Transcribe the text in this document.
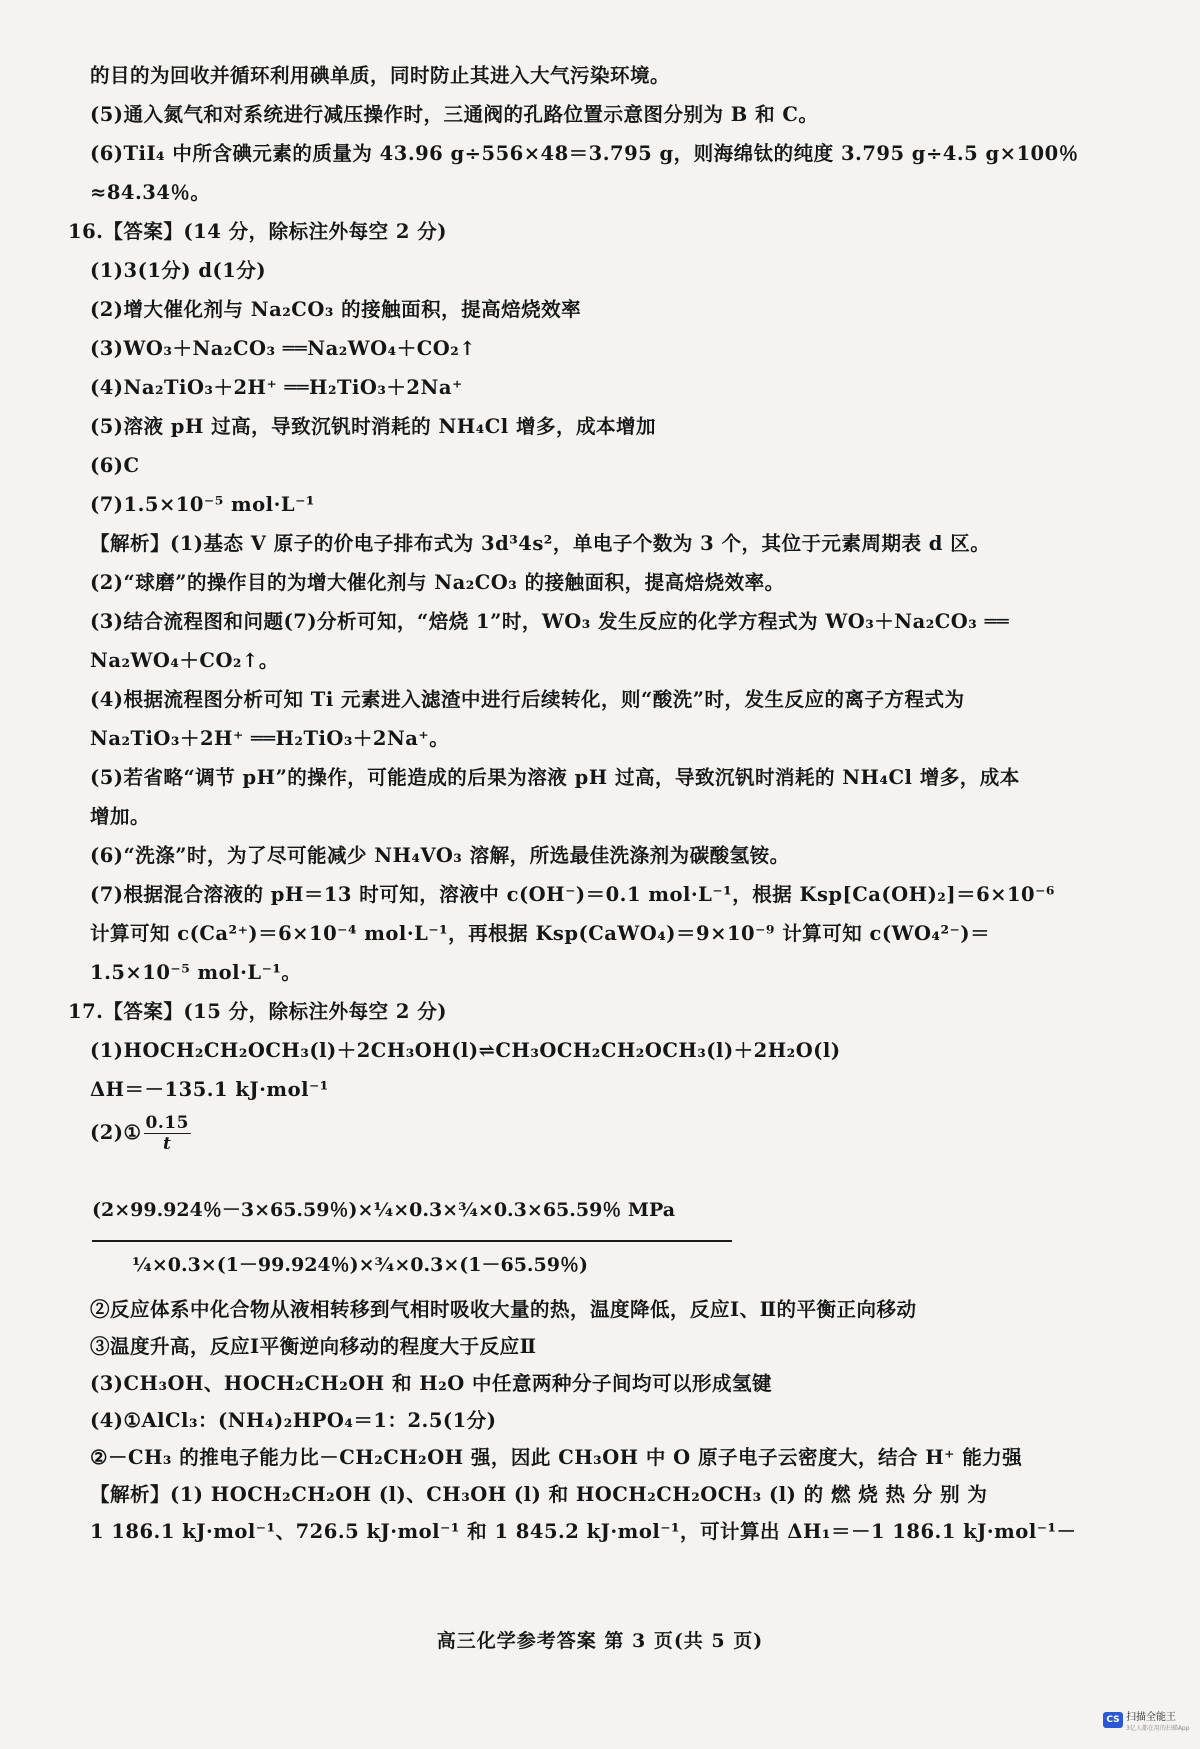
的目的为回收并循环利用碘单质，同时防止其进入大气污染环境。
(5)通入氮气和对系统进行减压操作时，三通阀的孔路位置示意图分别为 B 和 C。
(6)TiI₄ 中所含碘元素的质量为 43.96 g÷556×48＝3.795 g，则海绵钛的纯度 3.795 g÷4.5 g×100％
≈84.34％。
16.【答案】(14 分，除标注外每空 2 分)
(1)3(1分) d(1分)
(2)增大催化剂与 Na₂CO₃ 的接触面积，提高焙烧效率
(3)WO₃＋Na₂CO₃ ══Na₂WO₄＋CO₂↑
(4)Na₂TiO₃＋2H⁺ ══H₂TiO₃＋2Na⁺
(5)溶液 pH 过高，导致沉钒时消耗的 NH₄Cl 增多，成本增加
(6)C
(7)1.5×10⁻⁵ mol·L⁻¹
【解析】(1)基态 V 原子的价电子排布式为 3d³4s²，单电子个数为 3 个，其位于元素周期表 d 区。
(2)“球磨”的操作目的为增大催化剂与 Na₂CO₃ 的接触面积，提高焙烧效率。
(3)结合流程图和问题(7)分析可知，“焙烧 1”时，WO₃ 发生反应的化学方程式为 WO₃＋Na₂CO₃ ══
Na₂WO₄＋CO₂↑。
(4)根据流程图分析可知 Ti 元素进入滤渣中进行后续转化，则“酸洗”时，发生反应的离子方程式为
Na₂TiO₃＋2H⁺ ══H₂TiO₃＋2Na⁺。
(5)若省略“调节 pH”的操作，可能造成的后果为溶液 pH 过高，导致沉钒时消耗的 NH₄Cl 增多，成本
增加。
(6)“洗涤”时，为了尽可能减少 NH₄VO₃ 溶解，所选最佳洗涤剂为碳酸氢铵。
(7)根据混合溶液的 pH＝13 时可知，溶液中 c(OH⁻)＝0.1 mol·L⁻¹，根据 Ksp[Ca(OH)₂]＝6×10⁻⁶
计算可知 c(Ca²⁺)＝6×10⁻⁴ mol·L⁻¹，再根据 Ksp(CaWO₄)＝9×10⁻⁹ 计算可知 c(WO₄²⁻)＝
1.5×10⁻⁵ mol·L⁻¹。
17.【答案】(15 分，除标注外每空 2 分)
(1)HOCH₂CH₂OCH₃(l)＋2CH₃OH(l)⇌CH₃OCH₂CH₂OCH₃(l)＋2H₂O(l)
ΔH＝－135.1 kJ·mol⁻¹
(2)① $\frac{0.15}{t}$
(2×99.924％－3×65.59％)×¼×0.3×¾×0.3×65.59％ MPa
¼×0.3×(1－99.924％)×¾×0.3×(1－65.59％)
②反应体系中化合物从液相转移到气相时吸收大量的热，温度降低，反应Ⅰ、Ⅱ的平衡正向移动
③温度升高，反应Ⅰ平衡逆向移动的程度大于反应Ⅱ
(3)CH₃OH、HOCH₂CH₂OH 和 H₂O 中任意两种分子间均可以形成氢键
(4)①AlCl₃：(NH₄)₂HPO₄＝1：2.5(1分)
②－CH₃ 的推电子能力比－CH₂CH₂OH 强，因此 CH₃OH 中 O 原子电子云密度大，结合 H⁺ 能力强
【解析】(1) HOCH₂CH₂OH (l)、CH₃OH (l) 和 HOCH₂CH₂OCH₃ (l) 的 燃 烧 热 分 别 为
1 186.1 kJ·mol⁻¹、726.5 kJ·mol⁻¹ 和 1 845.2 kJ·mol⁻¹，可计算出 ΔH₁＝－1 186.1 kJ·mol⁻¹－
高三化学参考答案 第 3 页(共 5 页)
CS 扫描全能王
3亿人都在用的扫描App
